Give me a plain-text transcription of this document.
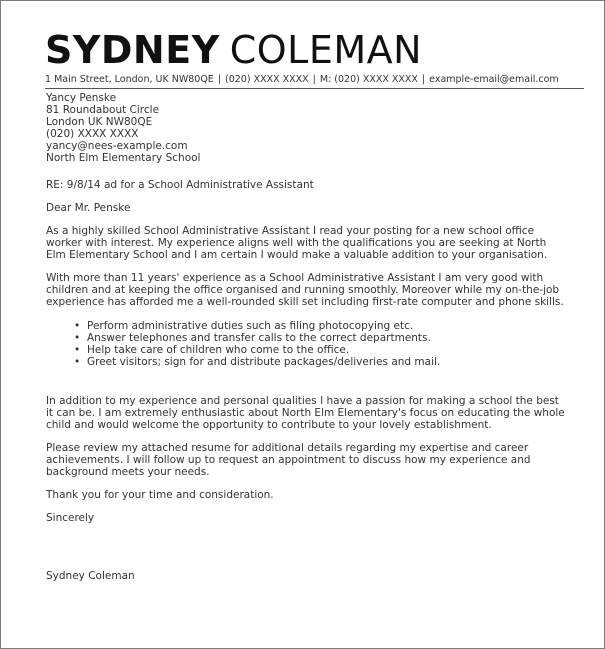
SYDNEY COLEMAN
1 Main Street, London, UK NW80QE | (020) XXXX XXXX | M: (020) XXXX XXXX | example-email@email.com
Yancy Penske
81 Roundabout Circle
London UK NW80QE
(020) XXXX XXXX
yancy@nees-example.com
North Elm Elementary School
RE: 9/8/14 ad for a School Administrative Assistant
Dear Mr. Penske
As a highly skilled School Administrative Assistant I read your posting for a new school office worker with interest. My experience aligns well with the qualifications you are seeking at North Elm Elementary School and I am certain I would make a valuable addition to your organisation.
With more than 11 years' experience as a School Administrative Assistant I am very good with children and at keeping the office organised and running smoothly. Moreover while my on-the-job experience has afforded me a well-rounded skill set including first-rate computer and phone skills.
• Perform administrative duties such as filing photocopying etc.
• Answer telephones and transfer calls to the correct departments.
• Help take care of children who come to the office.
• Greet visitors; sign for and distribute packages/deliveries and mail.
In addition to my experience and personal qualities I have a passion for making a school the best it can be. I am extremely enthusiastic about North Elm Elementary's focus on educating the whole child and would welcome the opportunity to contribute to your lovely establishment.
Please review my attached resume for additional details regarding my expertise and career achievements. I will follow up to request an appointment to discuss how my experience and background meets your needs.
Thank you for your time and consideration.
Sincerely
Sydney Coleman
